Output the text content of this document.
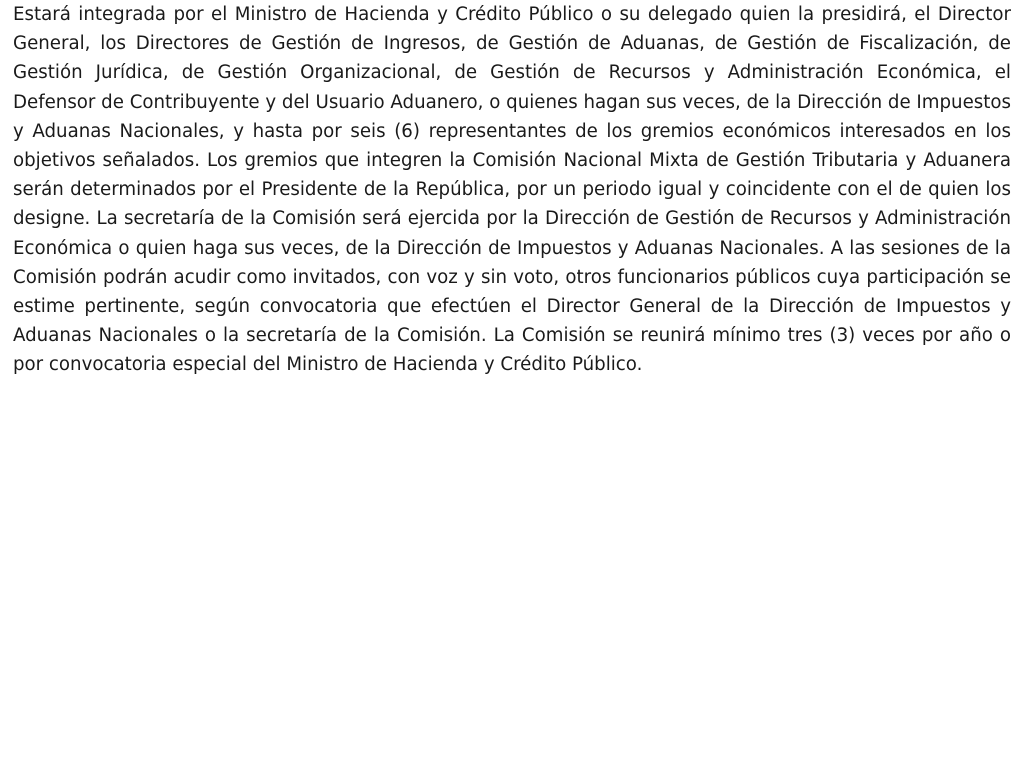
Estará integrada por el Ministro de Hacienda y Crédito Público o su delegado quien la presidirá, el Director General, los Directores de Gestión de Ingresos, de Gestión de Aduanas, de Gestión de Fiscalización, de Gestión Jurídica, de Gestión Organizacional, de Gestión de Recursos y Administración Económica, el Defensor de Contribuyente y del Usuario Aduanero, o quienes hagan sus veces, de la Dirección de Impuestos y Aduanas Nacionales, y hasta por seis (6) representantes de los gremios económicos interesados en los objetivos señalados. Los gremios que integren la Comisión Nacional Mixta de Gestión Tributaria y Aduanera serán determinados por el Presidente de la República, por un periodo igual y coincidente con el de quien los designe. La secretaría de la Comisión será ejercida por la Dirección de Gestión de Recursos y Administración Económica o quien haga sus veces, de la Dirección de Impuestos y Aduanas Nacionales. A las sesiones de la Comisión podrán acudir como invitados, con voz y sin voto, otros funcionarios públicos cuya participación se estime pertinente, según convocatoria que efectúen el Director General de la Dirección de Impuestos y Aduanas Nacionales o la secretaría de la Comisión. La Comisión se reunirá mínimo tres (3) veces por año o por convocatoria especial del Ministro de Hacienda y Crédito Público.
